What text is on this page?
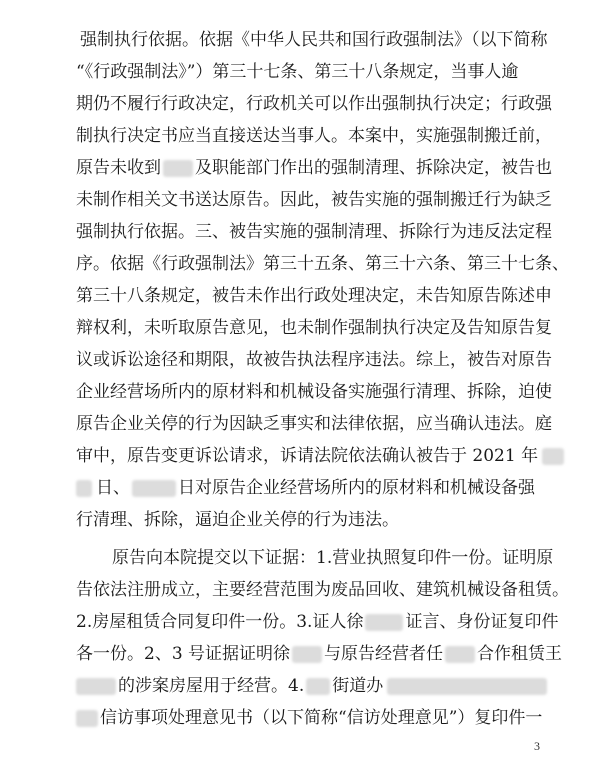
强制执行依据。依据《中华人民共和国行政强制法》（以下简称
“《行政强制法》”）第三十七条、第三十八条规定，当事人逾
期仍不履行行政决定，行政机关可以作出强制执行决定；行政强
制执行决定书应当直接送达当事人。本案中，实施强制搬迁前，
原告未收到 及职能部门作出的强制清理、拆除决定，被告也
未制作相关文书送达原告。因此，被告实施的强制搬迁行为缺乏
强制执行依据。三、被告实施的强制清理、拆除行为违反法定程
序。依据《行政强制法》第三十五条、第三十六条、第三十七条、
第三十八条规定，被告未作出行政处理决定，未告知原告陈述申
辩权利，未听取原告意见，也未制作强制执行决定及告知原告复
议或诉讼途径和期限，故被告执法程序违法。综上，被告对原告
企业经营场所内的原材料和机械设备实施强行清理、拆除，迫使
原告企业关停的行为因缺乏事实和法律依据，应当确认违法。庭
审中，原告变更诉讼请求，诉请法院依法确认被告于 2021 年
日、	日对原告企业经营场所内的原材料和机械设备强
行清理、拆除，逼迫企业关停的行为违法。
原告向本院提交以下证据：1.营业执照复印件一份。证明原
告依法注册成立，主要经营范围为废品回收、建筑机械设备租赁。
2.房屋租赁合同复印件一份。3.证人徐 证言、身份证复印件
各一份。2、3 号证据证明徐 与原告经营者任 合作租赁王
的涉案房屋用于经营。4. 街道办
信访事项处理意见书（以下简称“信访处理意见”）复印件一
3
